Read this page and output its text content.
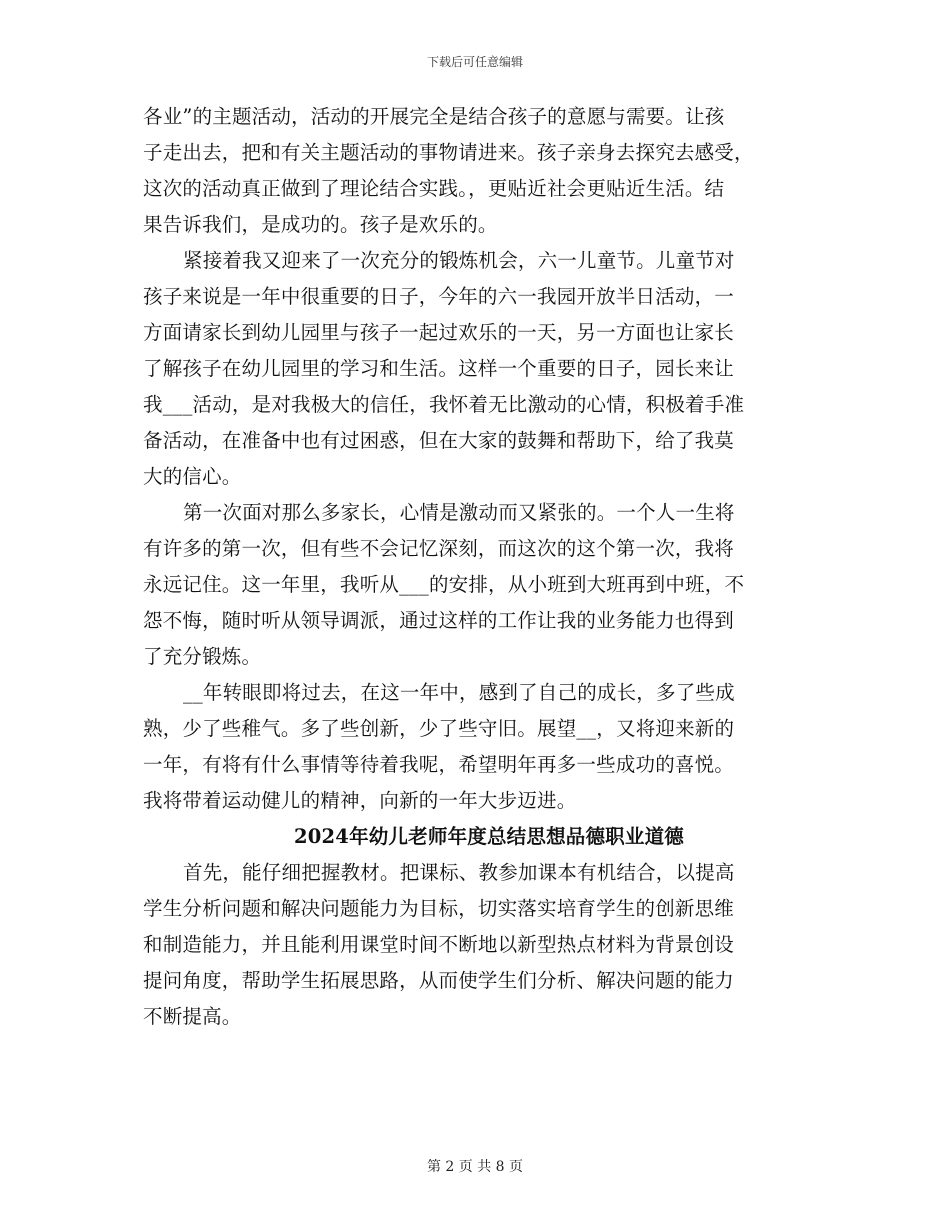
下载后可任意编辑
各业”的主题活动，活动的开展完全是结合孩子的意愿与需要。让孩
子走出去，把和有关主题活动的事物请进来。孩子亲身去探究去感受，
这次的活动真正做到了理论结合实践。，更贴近社会更贴近生活。结
果告诉我们，是成功的。孩子是欢乐的。
紧接着我又迎来了一次充分的锻炼机会，六一儿童节。儿童节对
孩子来说是一年中很重要的日子，今年的六一我园开放半日活动，一
方面请家长到幼儿园里与孩子一起过欢乐的一天，另一方面也让家长
了解孩子在幼儿园里的学习和生活。这样一个重要的日子，园长来让
我___活动，是对我极大的信任，我怀着无比激动的心情，积极着手准
备活动，在准备中也有过困惑，但在大家的鼓舞和帮助下，给了我莫
大的信心。
第一次面对那么多家长，心情是激动而又紧张的。一个人一生将
有许多的第一次，但有些不会记忆深刻，而这次的这个第一次，我将
永远记住。这一年里，我听从___的安排，从小班到大班再到中班，不
怨不悔，随时听从领导调派，通过这样的工作让我的业务能力也得到
了充分锻炼。
__年转眼即将过去，在这一年中，感到了自己的成长，多了些成
熟，少了些稚气。多了些创新，少了些守旧。展望__，又将迎来新的
一年，有将有什么事情等待着我呢，希望明年再多一些成功的喜悦。
我将带着运动健儿的精神，向新的一年大步迈进。
2024年幼儿老师年度总结思想品德职业道德
首先，能仔细把握教材。把课标、教参加课本有机结合，以提高
学生分析问题和解决问题能力为目标，切实落实培育学生的创新思维
和制造能力，并且能利用课堂时间不断地以新型热点材料为背景创设
提问角度，帮助学生拓展思路，从而使学生们分析、解决问题的能力
不断提高。
第 2 页 共 8 页
